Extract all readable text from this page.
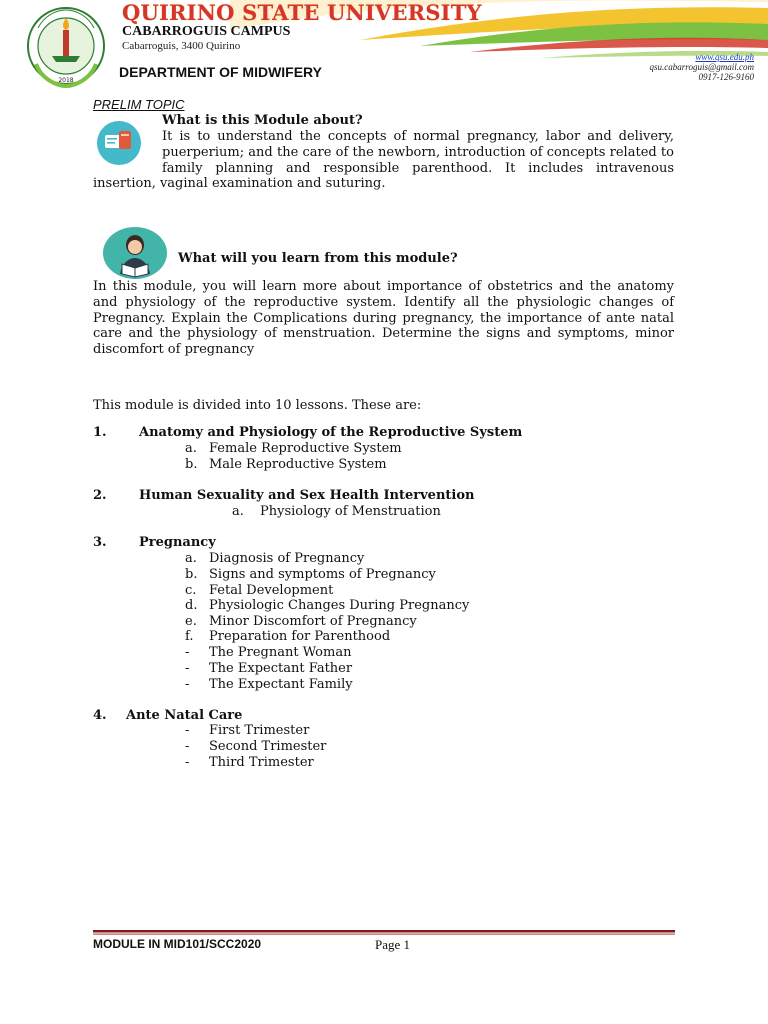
2018
QUIRINO STATE UNIVERSITY
CABARROGUIS CAMPUS
Cabarroguis, 3400 Quirino
DEPARTMENT OF MIDWIFERY
www.qsu.edu.ph
qsu.cabarroguis@gmail.com
0917-126-9160
PRELIM TOPIC
What is this Module about?
It is to understand the concepts of normal pregnancy, labor and delivery, puerperium; and the care of the newborn, introduction of concepts related to family planning and responsible parenthood. It includes intravenous insertion, vaginal examination and suturing.
What will you learn from this module?
In this module, you will learn more about importance of obstetrics and the anatomy and physiology of the reproductive system. Identify all the physiologic changes of Pregnancy. Explain the Complications during pregnancy, the importance of ante natal care and the physiology of menstruation. Determine the signs and symptoms, minor discomfort of pregnancy
This module is divided into 10 lessons. These are:
1. Anatomy and Physiology of the Reproductive System
a. Female Reproductive System
b. Male Reproductive System
2. Human Sexuality and Sex Health Intervention
a. Physiology of Menstruation
3. Pregnancy
a. Diagnosis of Pregnancy
b. Signs and symptoms of Pregnancy
c. Fetal Development
d. Physiologic Changes During Pregnancy
e. Minor Discomfort of Pregnancy
f. Preparation for Parenthood
- The Pregnant Woman
- The Expectant Father
- The Expectant Family
4. Ante Natal Care
- First Trimester
- Second Trimester
- Third Trimester
MODULE IN MID101/SCC2020	Page 1
